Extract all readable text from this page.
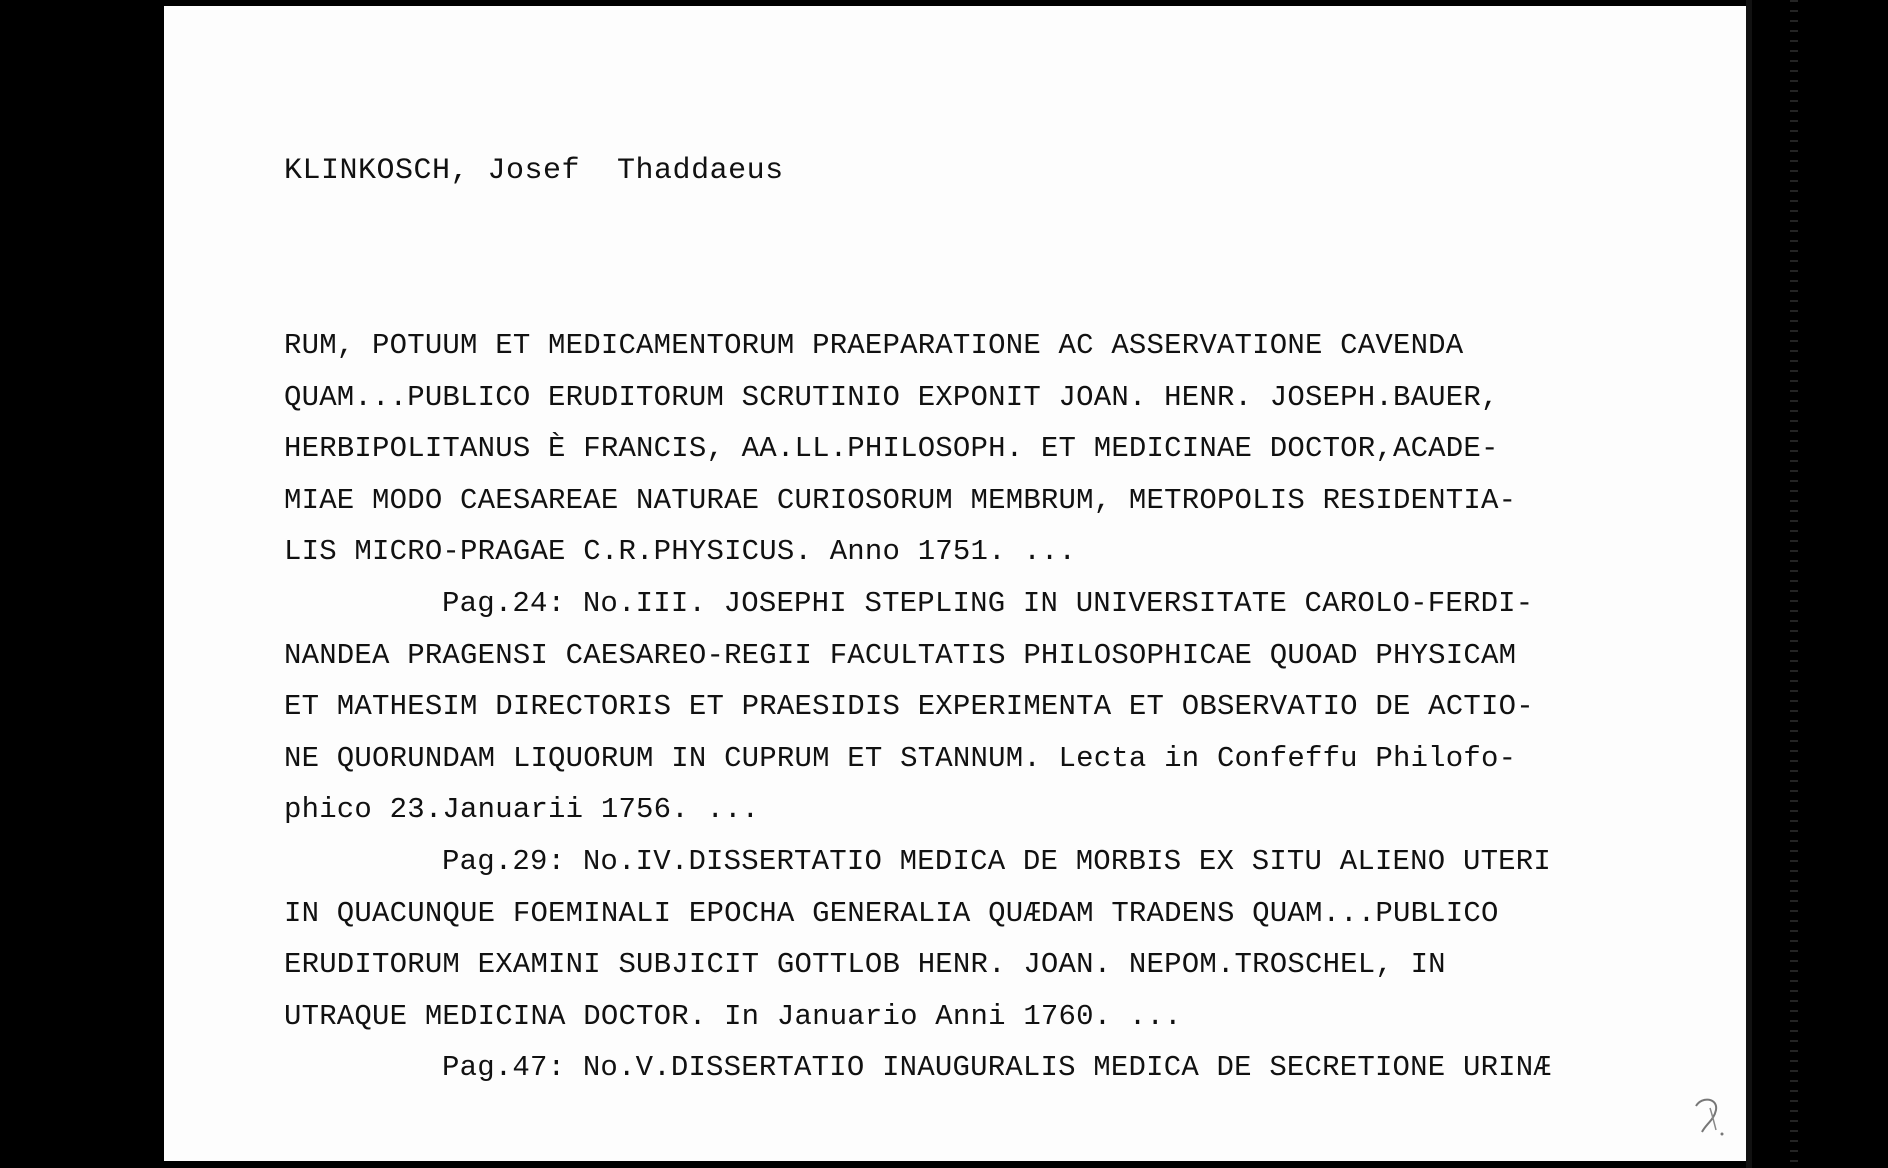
KLINKOSCH, Josef  Thaddaeus
RUM, POTUUM ET MEDICAMENTORUM PRAEPARATIONE AC ASSERVATIONE CAVENDA
QUAM...PUBLICO ERUDITORUM SCRUTINIO EXPONIT JOAN. HENR. JOSEPH.BAUER,
HERBIPOLITANUS È FRANCIS, AA.LL.PHILOSOPH. ET MEDICINAE DOCTOR,ACADE-
MIAE MODO CAESAREAE NATURAE CURIOSORUM MEMBRUM, METROPOLIS RESIDENTIA-
LIS MICRO-PRAGAE C.R.PHYSICUS. Anno 1751. ...
Pag.24: No.III. JOSEPHI STEPLING IN UNIVERSITATE CAROLO-FERDI-
NANDEA PRAGENSI CAESAREO-REGII FACULTATIS PHILOSOPHICAE QUOAD PHYSICAM
ET MATHESIM DIRECTORIS ET PRAESIDIS EXPERIMENTA ET OBSERVATIO DE ACTIO-
NE QUORUNDAM LIQUORUM IN CUPRUM ET STANNUM. Lecta in Confeffu Philofo-
phico 23.Januarii 1756. ...
Pag.29: No.IV.DISSERTATIO MEDICA DE MORBIS EX SITU ALIENO UTERI
IN QUACUNQUE FOEMINALI EPOCHA GENERALIA QUÆDAM TRADENS QUAM...PUBLICO
ERUDITORUM EXAMINI SUBJICIT GOTTLOB HENR. JOAN. NEPOM.TROSCHEL, IN
UTRAQUE MEDICINA DOCTOR. In Januario Anni 1760. ...
Pag.47: No.V.DISSERTATIO INAUGURALIS MEDICA DE SECRETIONE URINÆ
